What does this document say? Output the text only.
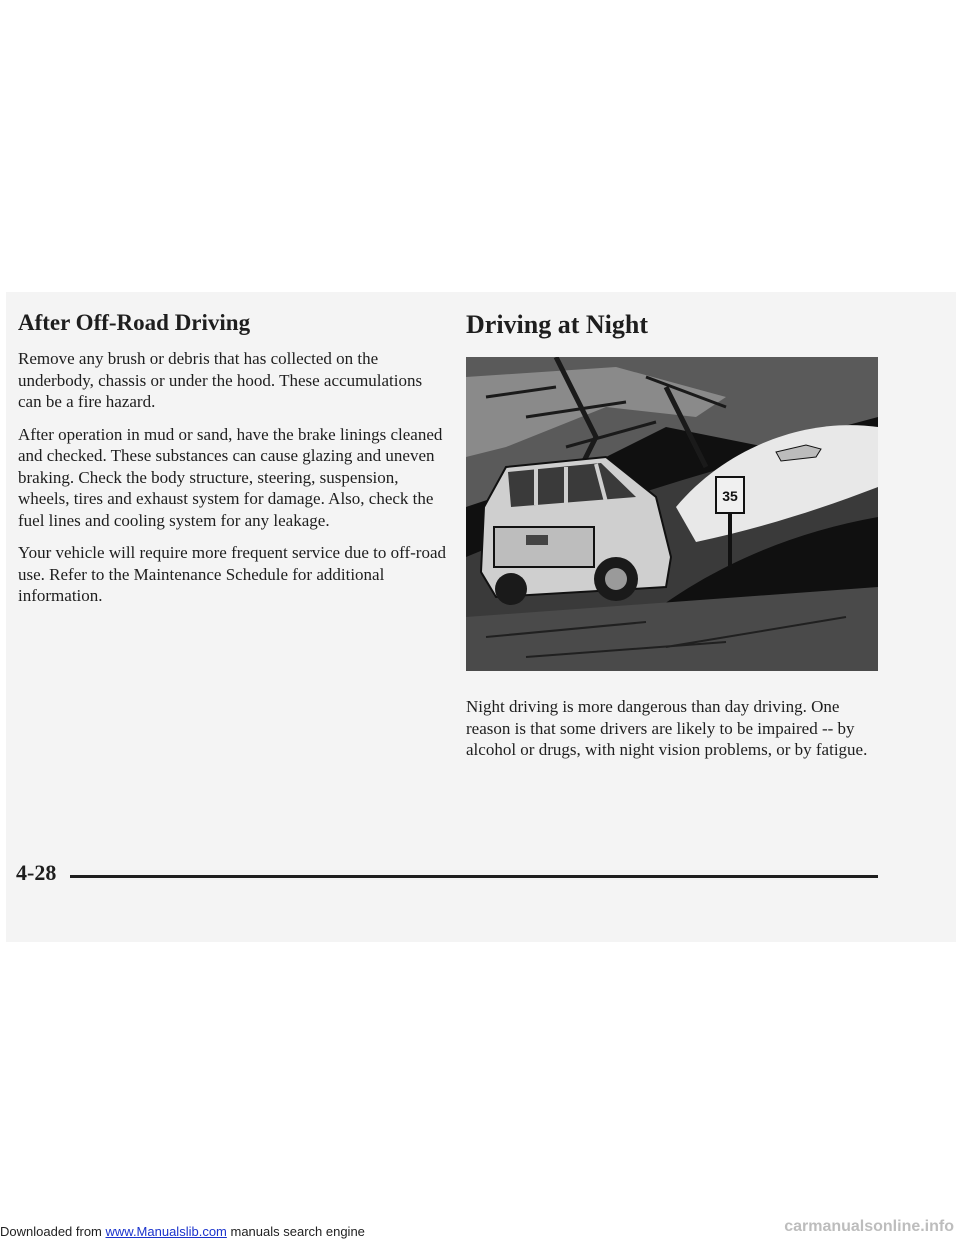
After Off-Road Driving

Remove any brush or debris that has collected on the underbody, chassis or under the hood. These accumulations can be a fire hazard.

After operation in mud or sand, have the brake linings cleaned and checked. These substances can cause glazing and uneven braking. Check the body structure, steering, suspension, wheels, tires and exhaust system for damage. Also, check the fuel lines and cooling system for any leakage.

Your vehicle will require more frequent service due to off-road use. Refer to the Maintenance Schedule for additional information.

Driving at Night
35

Night driving is more dangerous than day driving. One reason is that some drivers are likely to be impaired -- by alcohol or drugs, with night vision problems, or by fatigue.

4-28
Downloaded from www.Manualslib.com manuals search engine	carmanualsonline.info
